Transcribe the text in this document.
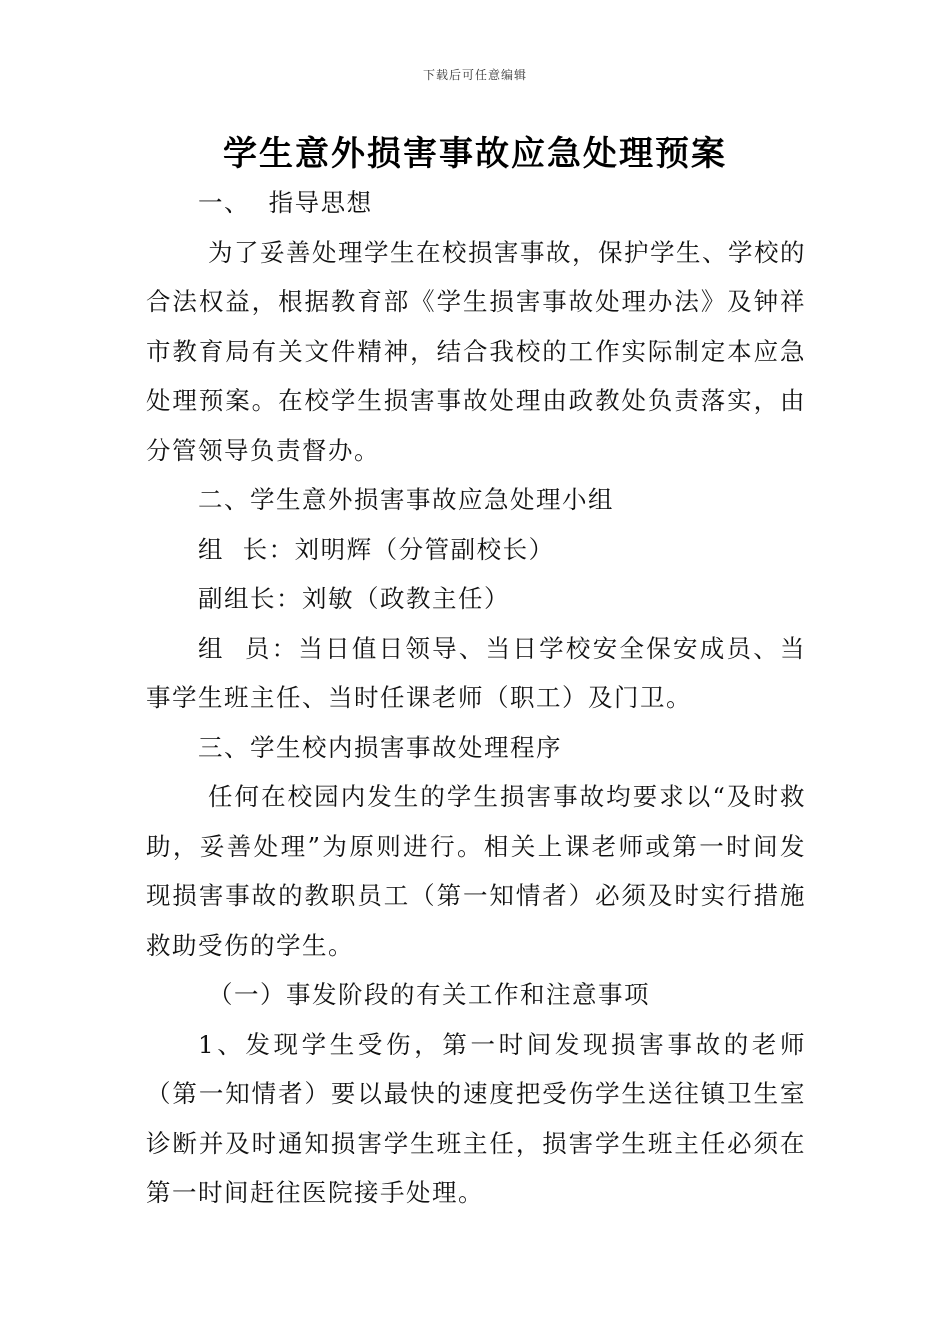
下载后可任意编辑
学生意外损害事故应急处理预案

一、  指导思想

为了妥善处理学生在校损害事故，保护学生、学校的合法权益，根据教育部《学生损害事故处理办法》及钟祥市教育局有关文件精神，结合我校的工作实际制定本应急处理预案。在校学生损害事故处理由政教处负责落实，由分管领导负责督办。

二、学生意外损害事故应急处理小组

组  长：刘明辉（分管副校长）

副组长：刘敏（政教主任）

组  员：当日值日领导、当日学校安全保安成员、当事学生班主任、当时任课老师（职工）及门卫。

三、学生校内损害事故处理程序

任何在校园内发生的学生损害事故均要求以“及时救助，妥善处理”为原则进行。相关上课老师或第一时间发现损害事故的教职员工（第一知情者）必须及时实行措施救助受伤的学生。

（一）事发阶段的有关工作和注意事项

1、发现学生受伤，第一时间发现损害事故的老师（第一知情者）要以最快的速度把受伤学生送往镇卫生室诊断并及时通知损害学生班主任，损害学生班主任必须在第一时间赶往医院接手处理。
